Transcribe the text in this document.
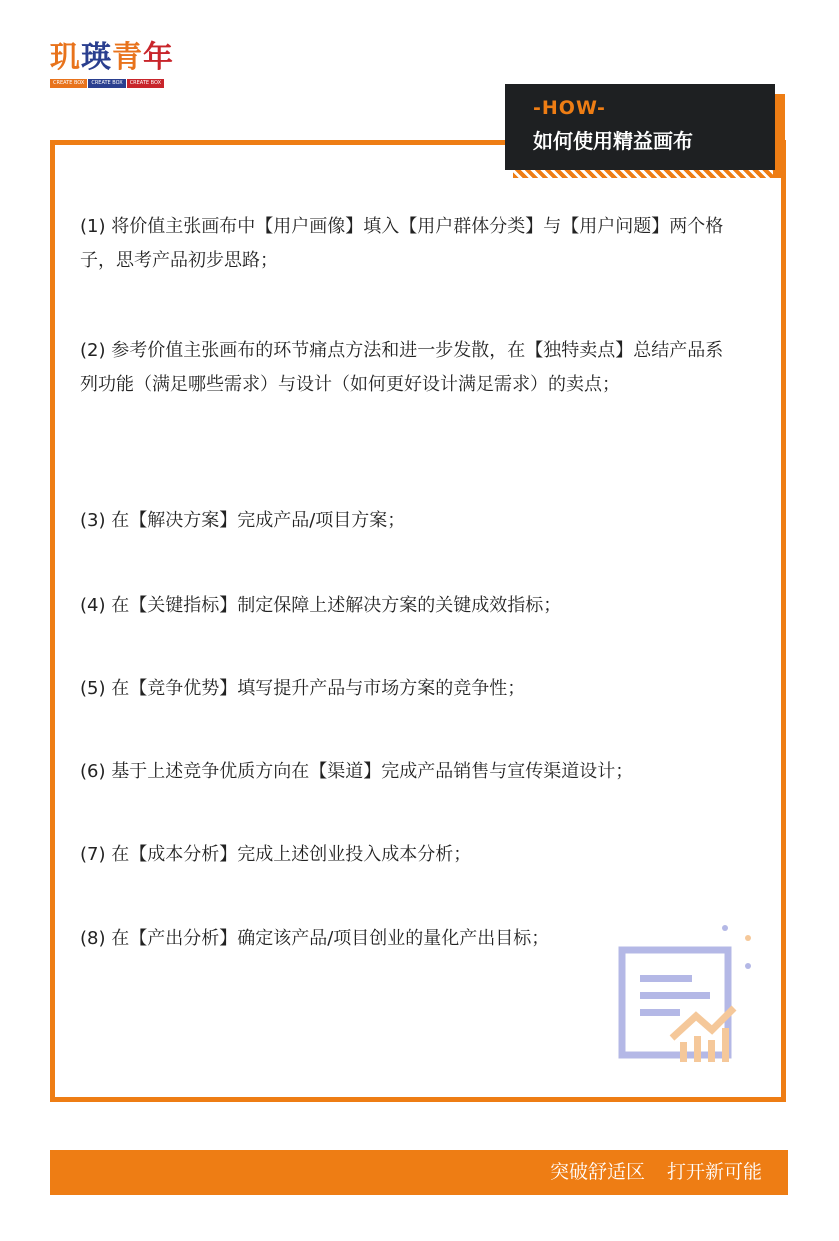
玑瑛青年
CREATE BOX	CREATE BOX	CREATE BOX
-HOW-
如何使用精益画布

(1) 将价值主张画布中【用户画像】填入【用户群体分类】与【用户问题】两个格子，思考产品初步思路；

(2) 参考价值主张画布的环节痛点方法和进一步发散，在【独特卖点】总结产品系列功能（满足哪些需求）与设计（如何更好设计满足需求）的卖点；

(3) 在【解决方案】完成产品/项目方案；

(4) 在【关键指标】制定保障上述解决方案的关键成效指标；

(5) 在【竞争优势】填写提升产品与市场方案的竞争性；

(6) 基于上述竞争优质方向在【渠道】完成产品销售与宣传渠道设计；

(7) 在【成本分析】完成上述创业投入成本分析；

(8) 在【产出分析】确定该产品/项目创业的量化产出目标；

突破舒适区 打开新可能
